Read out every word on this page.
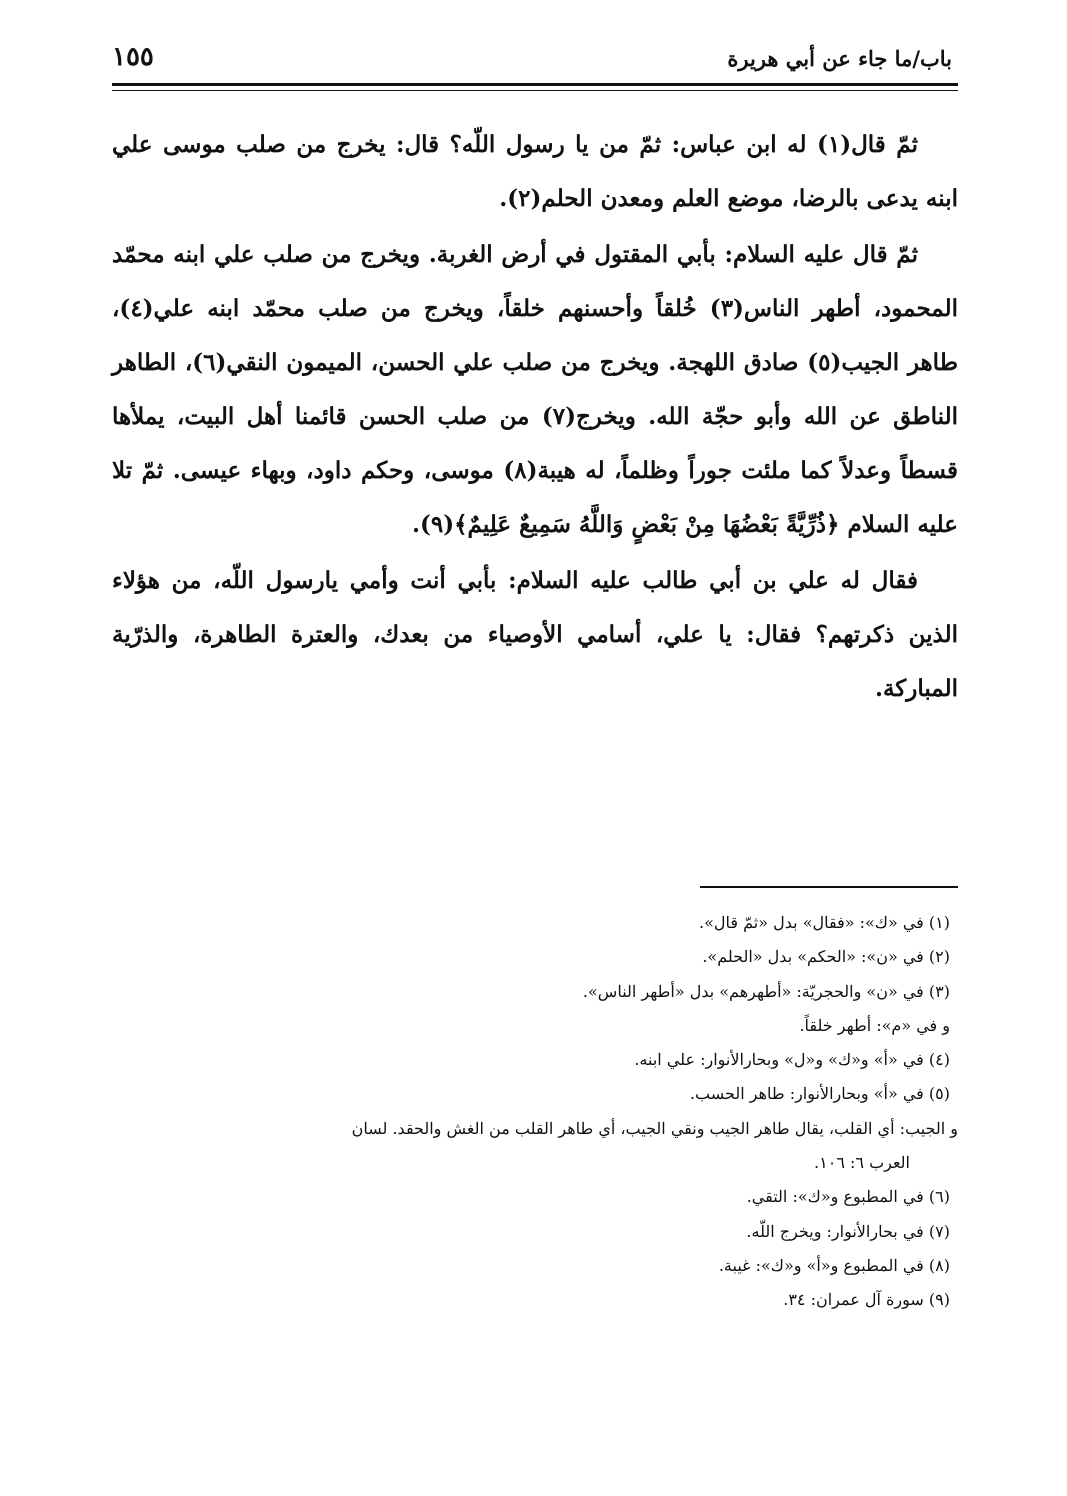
باب/ما جاء عن أبي هريرة
١٥٥

ثمّ قال(١) له ابن عباس: ثمّ من يا رسول اللّه؟ قال: يخرج من صلب موسى علي ابنه يدعى بالرضا، موضع العلم ومعدن الحلم(٢).

ثمّ قال عليه السلام: بأبي المقتول في أرض الغربة. ويخرج من صلب علي ابنه محمّد المحمود، أطهر الناس(٣) خُلقاً وأحسنهم خلقاً، ويخرج من صلب محمّد ابنه علي(٤)، طاهر الجيب(٥) صادق اللهجة. ويخرج من صلب علي الحسن، الميمون النقي(٦)، الطاهر الناطق عن الله وأبو حجّة الله. ويخرج(٧) من صلب الحسن قائمنا أهل البيت، يملأها قسطاً وعدلاً كما ملئت جوراً وظلماً، له هيبة(٨) موسى، وحكم داود، وبهاء عيسى. ثمّ تلا عليه السلام ﴿ذُرِّيَّةً بَعْضُهَا مِنْ بَعْضٍ وَاللَّهُ سَمِيعٌ عَلِيمٌ﴾(٩).

فقال له علي بن أبي طالب عليه السلام: بأبي أنت وأمي يارسول اللّه، من هؤلاء الذين ذكرتهم؟ فقال: يا علي، أسامي الأوصياء من بعدك، والعترة الطاهرة، والذرّية المباركة.

(١) في «ك»: «فقال» بدل «ثمّ قال».
(٢) في «ن»: «الحكم» بدل «الحلم».
(٣) في «ن» والحجريّة: «أطهرهم» بدل «أطهر الناس».
و في «م»: أطهر خلقاً.
(٤) في «أ» و«ك» و«ل» وبحارالأنوار: علي ابنه.
(٥) في «أ» وبحارالأنوار: طاهر الحسب.
و الجيب: أي القلب، يقال طاهر الجيب ونقي الجيب، أي طاهر القلب من الغش والحقد. لسان
العرب ٦: ١٠٦.
(٦) في المطبوع و«ك»: التقي.
(٧) في بحارالأنوار: ويخرج اللّه.
(٨) في المطبوع و«أ» و«ك»: غيبة.
(٩) سورة آل عمران: ٣٤.
